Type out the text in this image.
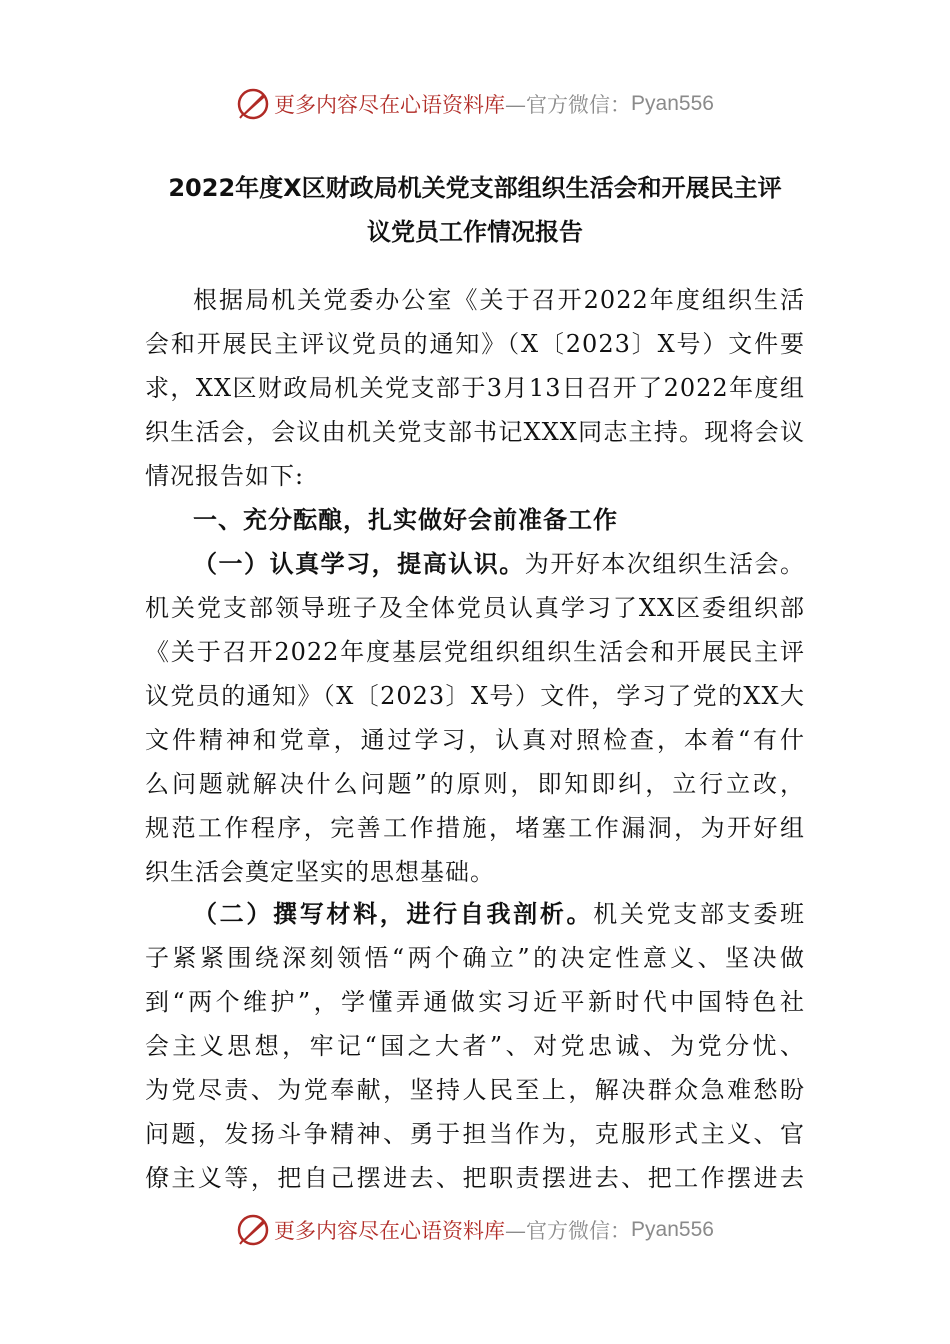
更多内容尽在心语资料库 —官方微信： Pyan556
2022年度X区财政局机关党支部组织生活会和开展民主评
议党员工作情况报告
根据局机关党委办公室《关于召开2022年度组织生活
会和开展民主评议党员的通知》（X〔2023〕X号）文件要
求，XX区财政局机关党支部于3月13日召开了2022年度组
织生活会，会议由机关党支部书记XXX同志主持。现将会议
情况报告如下:
一、充分酝酿，扎实做好会前准备工作
（一）认真学习，提高认识。为开好本次组织生活会。
机关党支部领导班子及全体党员认真学习了XX区委组织部
《关于召开2022年度基层党组织组织生活会和开展民主评
议党员的通知》（X〔2023〕X号）文件，学习了党的XX大
文件精神和党章，通过学习，认真对照检查，本着“有什
么问题就解决什么问题”的原则，即知即纠，立行立改，
规范工作程序，完善工作措施，堵塞工作漏洞，为开好组
织生活会奠定坚实的思想基础。
（二）撰写材料，进行自我剖析。机关党支部支委班
子紧紧围绕深刻领悟“两个确立”的决定性意义、坚决做
到“两个维护”，学懂弄通做实习近平新时代中国特色社
会主义思想，牢记“国之大者”、对党忠诚、为党分忧、
为党尽责、为党奉献，坚持人民至上，解决群众急难愁盼
问题，发扬斗争精神、勇于担当作为，克服形式主义、官
僚主义等，把自己摆进去、把职责摆进去、把工作摆进去
更多内容尽在心语资料库 —官方微信： Pyan556
